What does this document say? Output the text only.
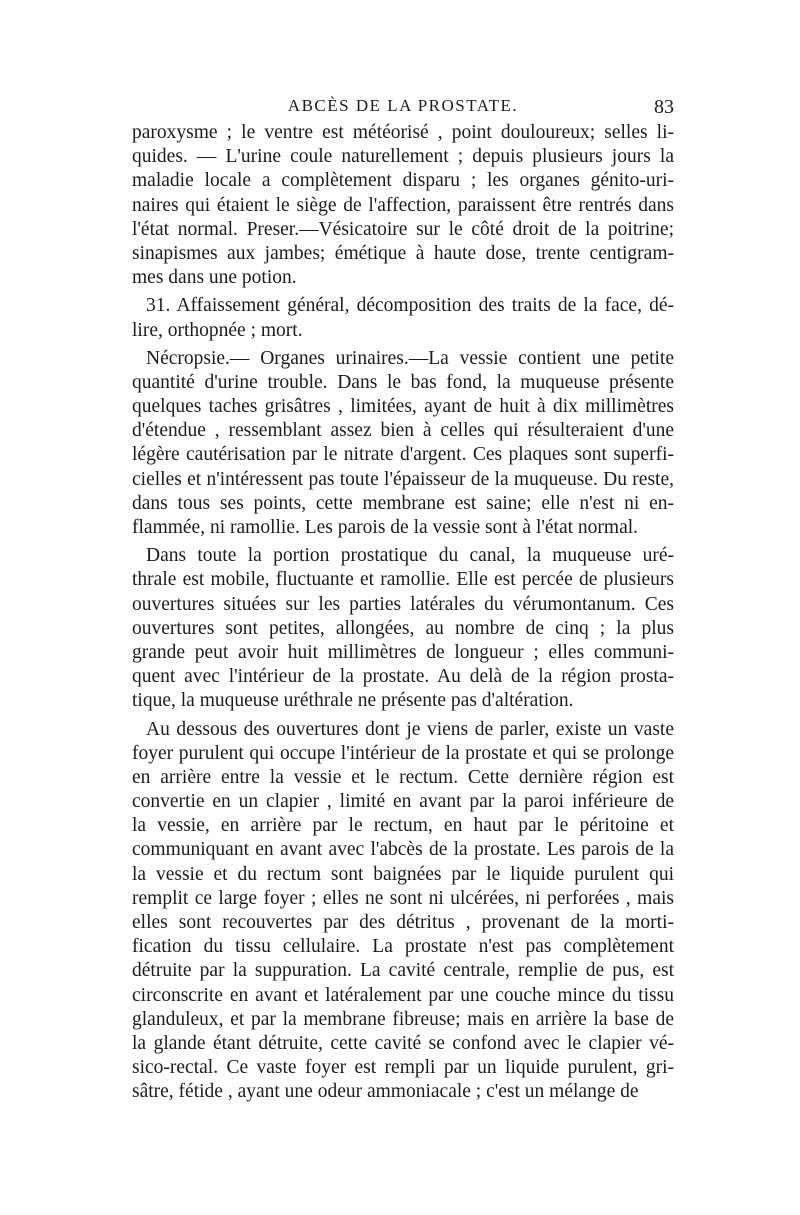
ABCÈS DE LA PROSTATE.	83
paroxysme ; le ventre est météorisé , point douloureux; selles li-
quides. — L'urine coule naturellement ; depuis plusieurs jours la
maladie locale a complètement disparu ; les organes génito-uri-
naires qui étaient le siège de l'affection, paraissent être rentrés dans
l'état normal. Preser.—Vésicatoire sur le côté droit de la poitrine;
sinapismes aux jambes; émétique à haute dose, trente centigram-
mes dans une potion.
31. Affaissement général, décomposition des traits de la face, dé-
lire, orthopnée ; mort.
Nécropsie.— Organes urinaires.—La vessie contient une petite
quantité d'urine trouble. Dans le bas fond, la muqueuse présente
quelques taches grisâtres , limitées, ayant de huit à dix millimètres
d'étendue , ressemblant assez bien à celles qui résulteraient d'une
légère cautérisation par le nitrate d'argent. Ces plaques sont superfi-
cielles et n'intéressent pas toute l'épaisseur de la muqueuse. Du reste,
dans tous ses points, cette membrane est saine; elle n'est ni en-
flammée, ni ramollie. Les parois de la vessie sont à l'état normal.
Dans toute la portion prostatique du canal, la muqueuse uré-
thrale est mobile, fluctuante et ramollie. Elle est percée de plusieurs
ouvertures situées sur les parties latérales du vérumontanum. Ces
ouvertures sont petites, allongées, au nombre de cinq ; la plus
grande peut avoir huit millimètres de longueur ; elles communi-
quent avec l'intérieur de la prostate. Au delà de la région prosta-
tique, la muqueuse uréthrale ne présente pas d'altération.
Au dessous des ouvertures dont je viens de parler, existe un vaste
foyer purulent qui occupe l'intérieur de la prostate et qui se prolonge
en arrière entre la vessie et le rectum. Cette dernière région est
convertie en un clapier , limité en avant par la paroi inférieure de
la vessie, en arrière par le rectum, en haut par le péritoine et
communiquant en avant avec l'abcès de la prostate. Les parois de la
la vessie et du rectum sont baignées par le liquide purulent qui
remplit ce large foyer ; elles ne sont ni ulcérées, ni perforées , mais
elles sont recouvertes par des détritus , provenant de la morti-
fication du tissu cellulaire. La prostate n'est pas complètement
détruite par la suppuration. La cavité centrale, remplie de pus, est
circonscrite en avant et latéralement par une couche mince du tissu
glanduleux, et par la membrane fibreuse; mais en arrière la base de
la glande étant détruite, cette cavité se confond avec le clapier vé-
sico-rectal. Ce vaste foyer est rempli par un liquide purulent, gri-
sâtre, fétide , ayant une odeur ammoniacale ; c'est un mélange de
